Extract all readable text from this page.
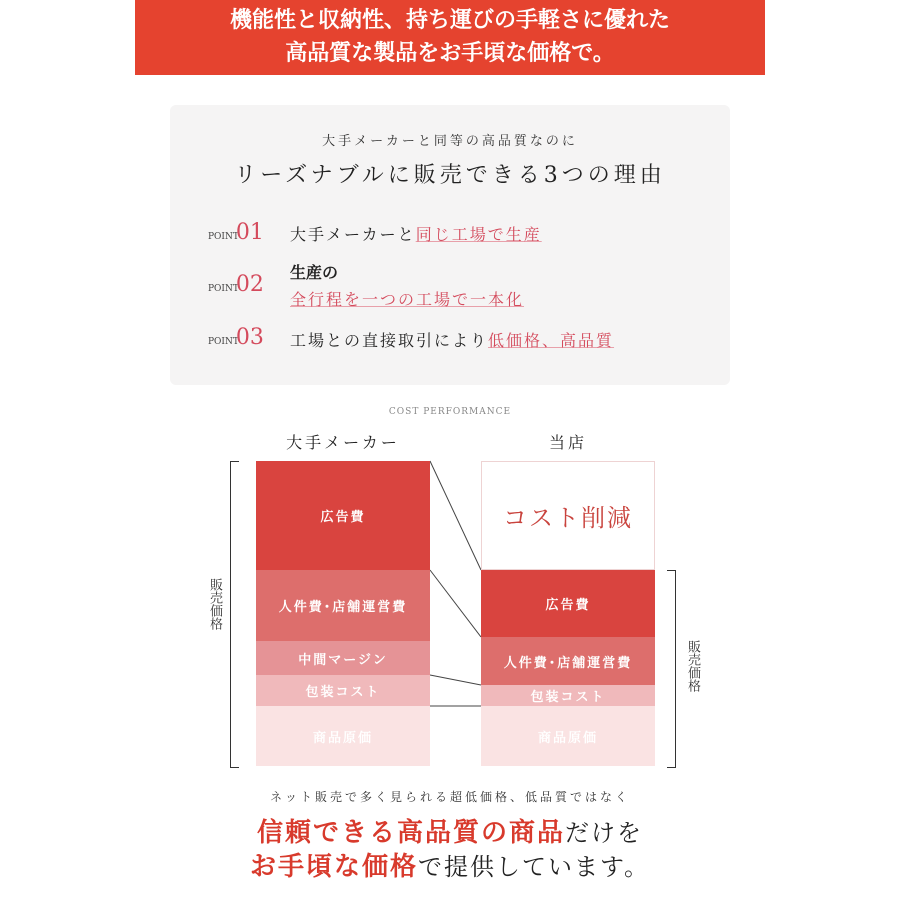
機能性と収納性、持ち運びの手軽さに優れた
高品質な製品をお手頃な価格で。
大手メーカーと同等の高品質なのに
リーズナブルに販売できる3つの理由
POINT01 大手メーカーと同じ工場で生産
POINT02 生産の
全行程を一つの工場で一本化
POINT03 工場との直接取引により低価格、高品質
COST PERFORMANCE
大手メーカー	当店
広告費
人件費･店舗運営費
中間マージン
包装コスト
商品原価
コスト削減
広告費
人件費･店舗運営費
包装コスト
商品原価
販売価格
販売価格
ネット販売で多く見られる超低価格、低品質ではなく
信頼できる高品質の商品だけを
お手頃な価格で提供しています。
